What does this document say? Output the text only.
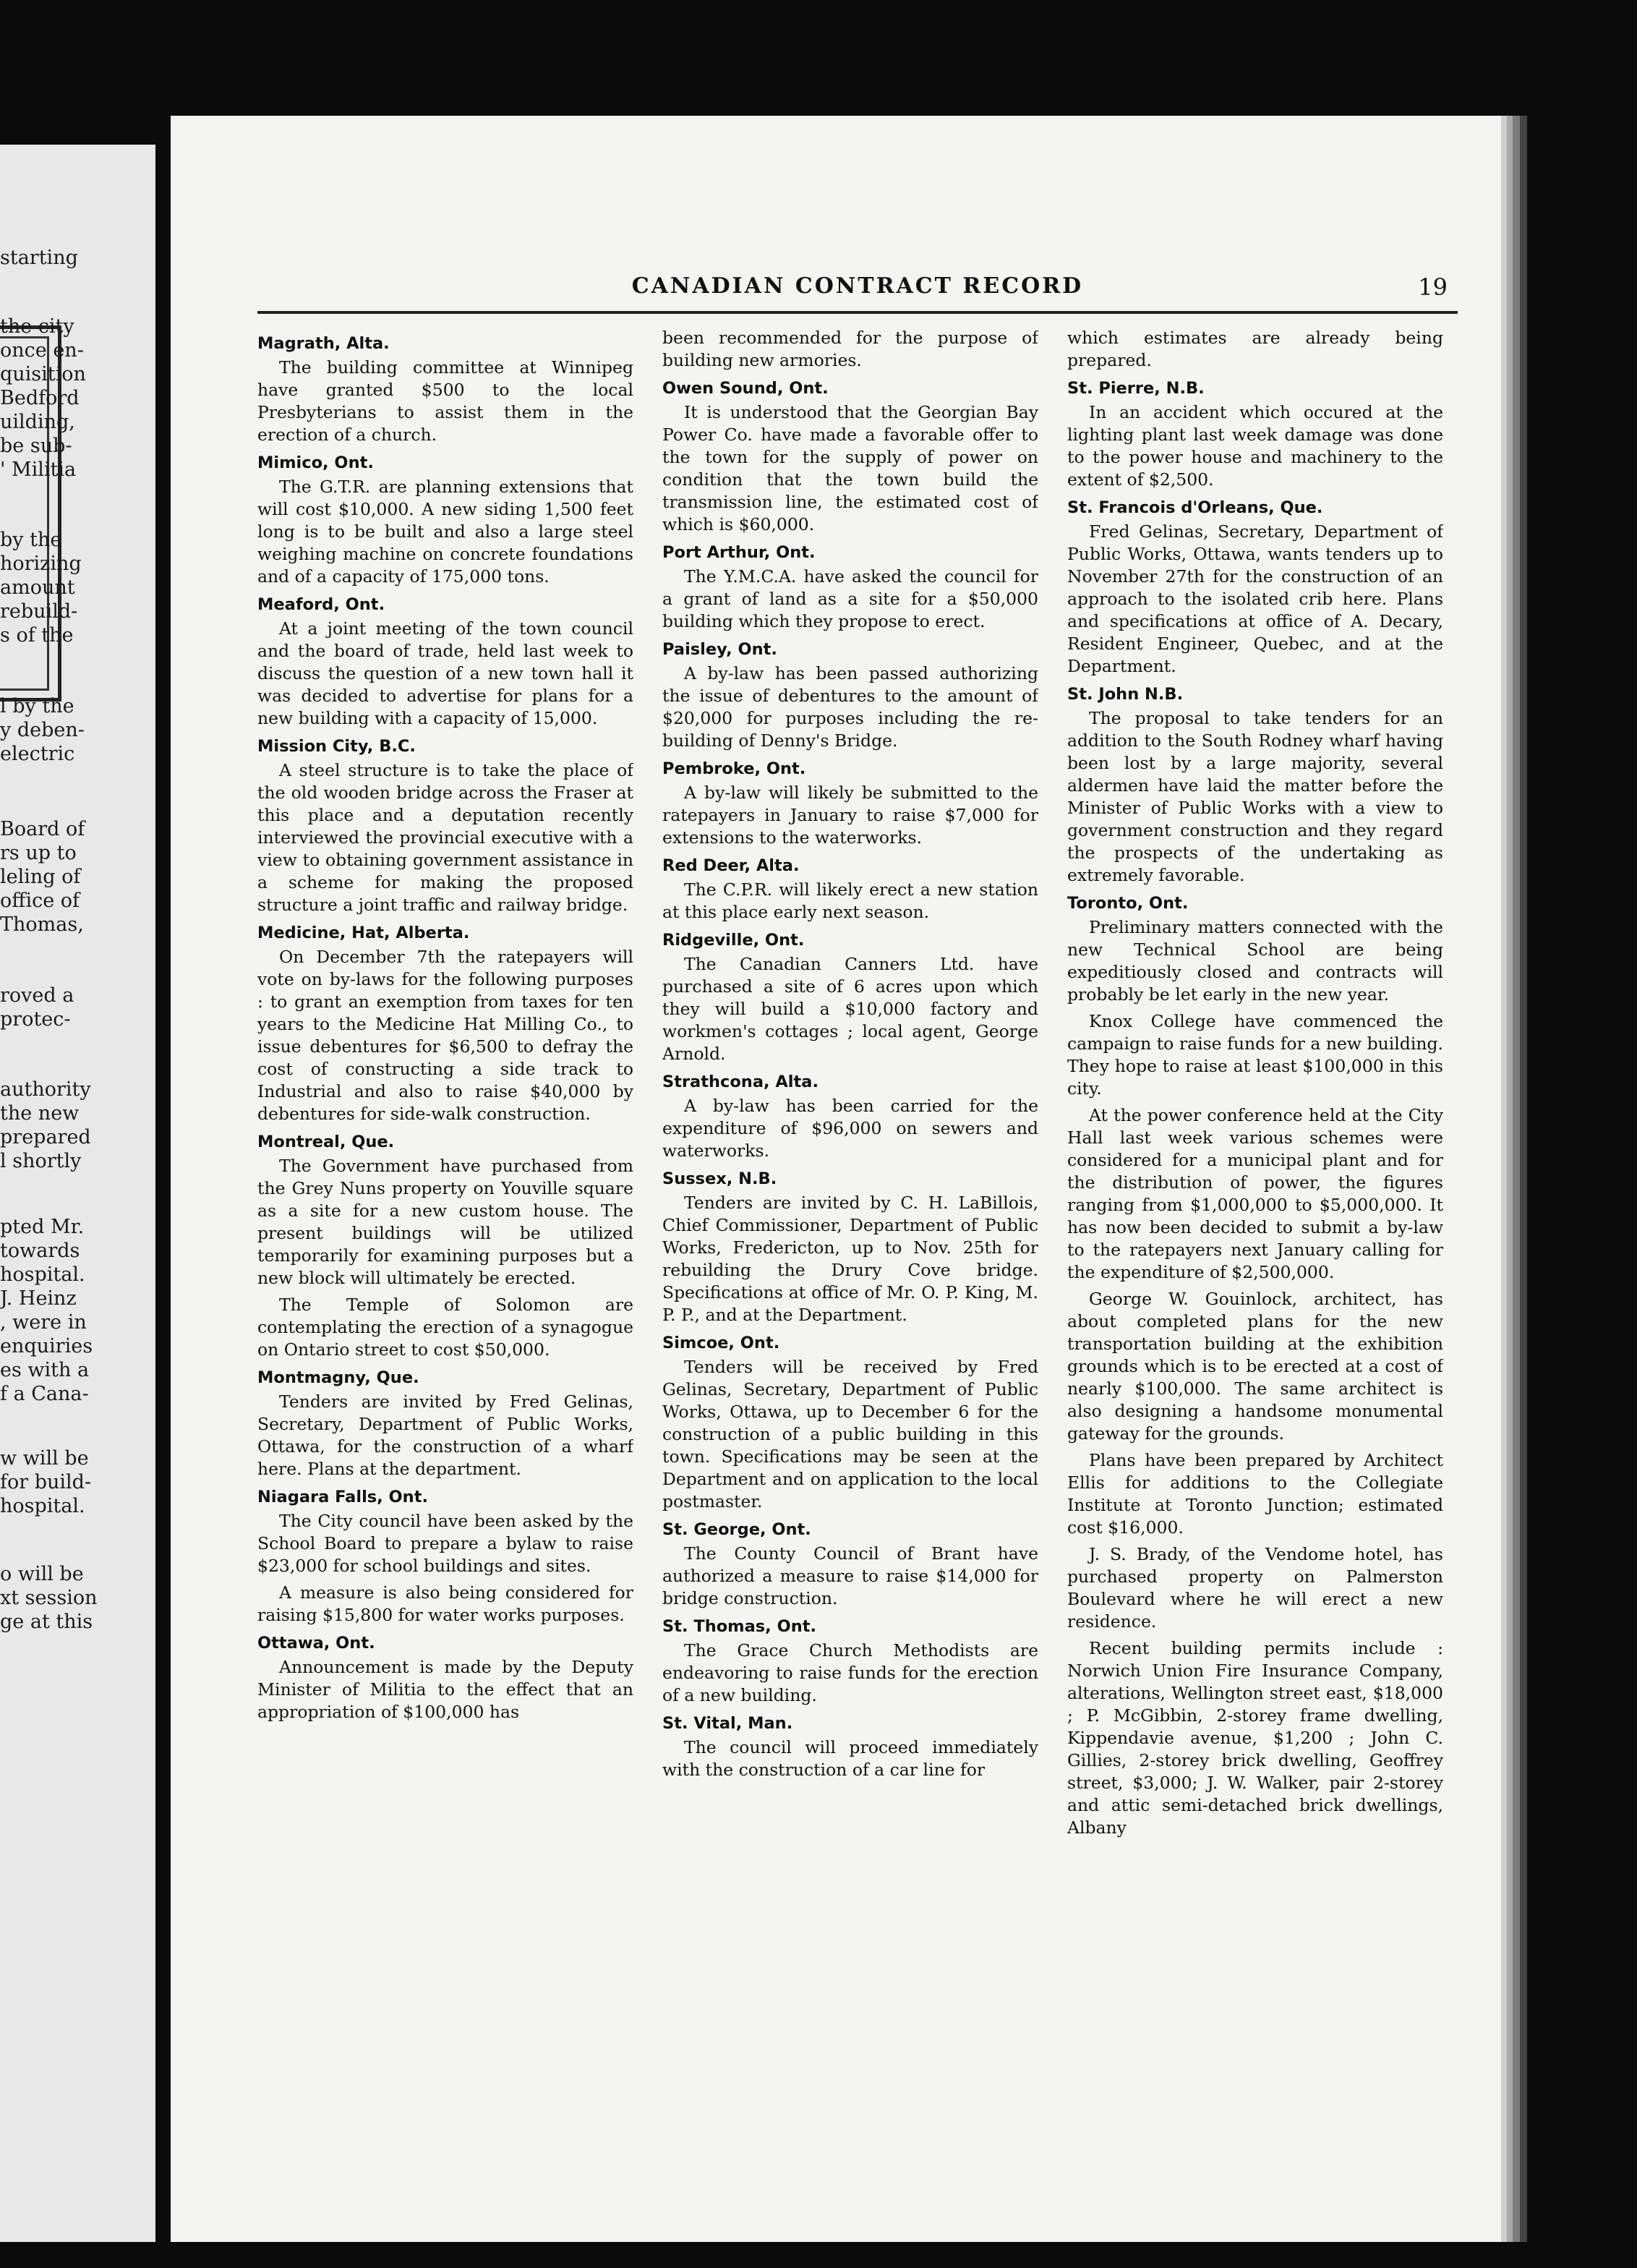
starting
the city
once en-
quisition
Bedford
uilding,
be sub-
' Militia
by the
horizing
amount
rebuild-
s of the
l by the
y deben-
electric
Board of
rs up to
leling of
office of
Thomas,
roved a
protec-
authority
the new
prepared
l shortly
pted Mr.
towards
hospital.
J. Heinz
, were in
enquiries
es with a
f a Cana-
w will be
for build-
hospital.
o will be
xt session
ge at this
CANADIAN CONTRACT RECORD	19
Magrath, Alta.
The building committee at Winnipeg have granted $500 to the local Presbyterians to assist them in the erection of a church.
Mimico, Ont.
The G.T.R. are planning extensions that will cost $10,000. A new siding 1,500 feet long is to be built and also a large steel weighing machine on concrete foundations and of a capacity of 175,000 tons.
Meaford, Ont.
At a joint meeting of the town council and the board of trade, held last week to discuss the question of a new town hall it was decided to advertise for plans for a new building with a capacity of 15,000.
Mission City, B.C.
A steel structure is to take the place of the old wooden bridge across the Fraser at this place and a deputation recently interviewed the provincial executive with a view to obtaining government assistance in a scheme for making the proposed structure a joint traffic and railway bridge.
Medicine, Hat, Alberta.
On December 7th the ratepayers will vote on by-laws for the following purposes : to grant an exemption from taxes for ten years to the Medicine Hat Milling Co., to issue debentures for $6,500 to defray the cost of constructing a side track to Industrial and also to raise $40,000 by debentures for side-walk construction.
Montreal, Que.
The Government have purchased from the Grey Nuns property on Youville square as a site for a new custom house. The present buildings will be utilized temporarily for examining purposes but a new block will ultimately be erected.
The Temple of Solomon are contemplating the erection of a synagogue on Ontario street to cost $50,000.
Montmagny, Que.
Tenders are invited by Fred Gelinas, Secretary, Department of Public Works, Ottawa, for the construction of a wharf here. Plans at the department.
Niagara Falls, Ont.
The City council have been asked by the School Board to prepare a bylaw to raise $23,000 for school buildings and sites.
A measure is also being considered for raising $15,800 for water works purposes.
Ottawa, Ont.
Announcement is made by the Deputy Minister of Militia to the effect that an appropriation of $100,000 has
been recommended for the purpose of building new armories.
Owen Sound, Ont.
It is understood that the Georgian Bay Power Co. have made a favorable offer to the town for the supply of power on condition that the town build the transmission line, the estimated cost of which is $60,000.
Port Arthur, Ont.
The Y.M.C.A. have asked the council for a grant of land as a site for a $50,000 building which they propose to erect.
Paisley, Ont.
A by-law has been passed authorizing the issue of debentures to the amount of $20,000 for purposes including the re-building of Denny's Bridge.
Pembroke, Ont.
A by-law will likely be submitted to the ratepayers in January to raise $7,000 for extensions to the waterworks.
Red Deer, Alta.
The C.P.R. will likely erect a new station at this place early next season.
Ridgeville, Ont.
The Canadian Canners Ltd. have purchased a site of 6 acres upon which they will build a $10,000 factory and workmen's cottages ; local agent, George Arnold.
Strathcona, Alta.
A by-law has been carried for the expenditure of $96,000 on sewers and waterworks.
Sussex, N.B.
Tenders are invited by C. H. LaBillois, Chief Commissioner, Department of Public Works, Fredericton, up to Nov. 25th for rebuilding the Drury Cove bridge. Specifications at office of Mr. O. P. King, M. P. P., and at the Department.
Simcoe, Ont.
Tenders will be received by Fred Gelinas, Secretary, Department of Public Works, Ottawa, up to December 6 for the construction of a public building in this town. Specifications may be seen at the Department and on application to the local postmaster.
St. George, Ont.
The County Council of Brant have authorized a measure to raise $14,000 for bridge construction.
St. Thomas, Ont.
The Grace Church Methodists are endeavoring to raise funds for the erection of a new building.
St. Vital, Man.
The council will proceed immediately with the construction of a car line for
which estimates are already being prepared.
St. Pierre, N.B.
In an accident which occured at the lighting plant last week damage was done to the power house and machinery to the extent of $2,500.
St. Francois d'Orleans, Que.
Fred Gelinas, Secretary, Department of Public Works, Ottawa, wants tenders up to November 27th for the construction of an approach to the isolated crib here. Plans and specifications at office of A. Decary, Resident Engineer, Quebec, and at the Department.
St. John N.B.
The proposal to take tenders for an addition to the South Rodney wharf having been lost by a large majority, several aldermen have laid the matter before the Minister of Public Works with a view to government construction and they regard the prospects of the undertaking as extremely favorable.
Toronto, Ont.
Preliminary matters connected with the new Technical School are being expeditiously closed and contracts will probably be let early in the new year.
Knox College have commenced the campaign to raise funds for a new building. They hope to raise at least $100,000 in this city.
At the power conference held at the City Hall last week various schemes were considered for a municipal plant and for the distribution of power, the figures ranging from $1,000,000 to $5,000,000. It has now been decided to submit a by-law to the ratepayers next January calling for the expenditure of $2,500,000.
George W. Gouinlock, architect, has about completed plans for the new transportation building at the exhibition grounds which is to be erected at a cost of nearly $100,000. The same architect is also designing a handsome monumental gateway for the grounds.
Plans have been prepared by Architect Ellis for additions to the Collegiate Institute at Toronto Junction; estimated cost $16,000.
J. S. Brady, of the Vendome hotel, has purchased property on Palmerston Boulevard where he will erect a new residence.
Recent building permits include : Norwich Union Fire Insurance Company, alterations, Wellington street east, $18,000 ; P. McGibbin, 2-storey frame dwelling, Kippendavie avenue, $1,200 ; John C. Gillies, 2-storey brick dwelling, Geoffrey street, $3,000; J. W. Walker, pair 2-storey and attic semi-detached brick dwellings, Albany
